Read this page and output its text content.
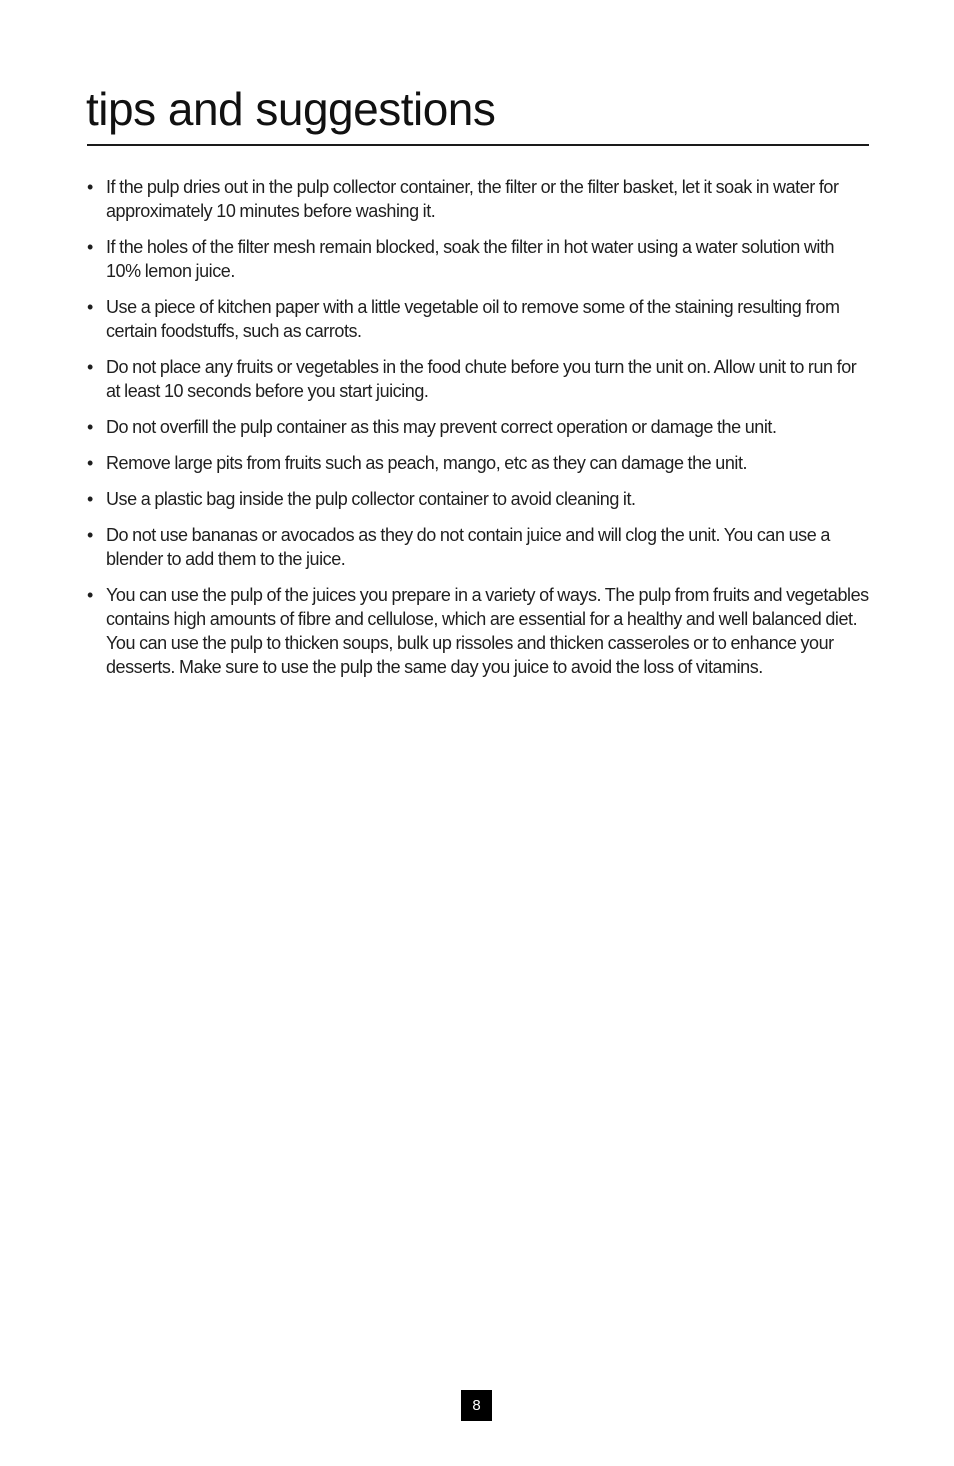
tips and suggestions
• If the pulp dries out in the pulp collector container, the filter or the filter basket, let it soak in water for approximately 10 minutes before washing it.
• If the holes of the filter mesh remain blocked, soak the filter in hot water using a water solution with 10% lemon juice.
• Use a piece of kitchen paper with a little vegetable oil to remove some of the staining resulting from certain foodstuffs, such as carrots.
• Do not place any fruits or vegetables in the food chute before you turn the unit on. Allow unit to run for at least 10 seconds before you start juicing.
• Do not overfill the pulp container as this may prevent correct operation or damage the unit.
• Remove large pits from fruits such as peach, mango, etc as they can damage the unit.
• Use a plastic bag inside the pulp collector container to avoid cleaning it.
• Do not use bananas or avocados as they do not contain juice and will clog the unit. You can use a blender to add them to the juice.
• You can use the pulp of the juices you prepare in a variety of ways. The pulp from fruits and vegetables contains high amounts of fibre and cellulose, which are essential for a healthy and well balanced diet. You can use the pulp to thicken soups, bulk up rissoles and thicken casseroles or to enhance your desserts. Make sure to use the pulp the same day you juice to avoid the loss of vitamins.
8
